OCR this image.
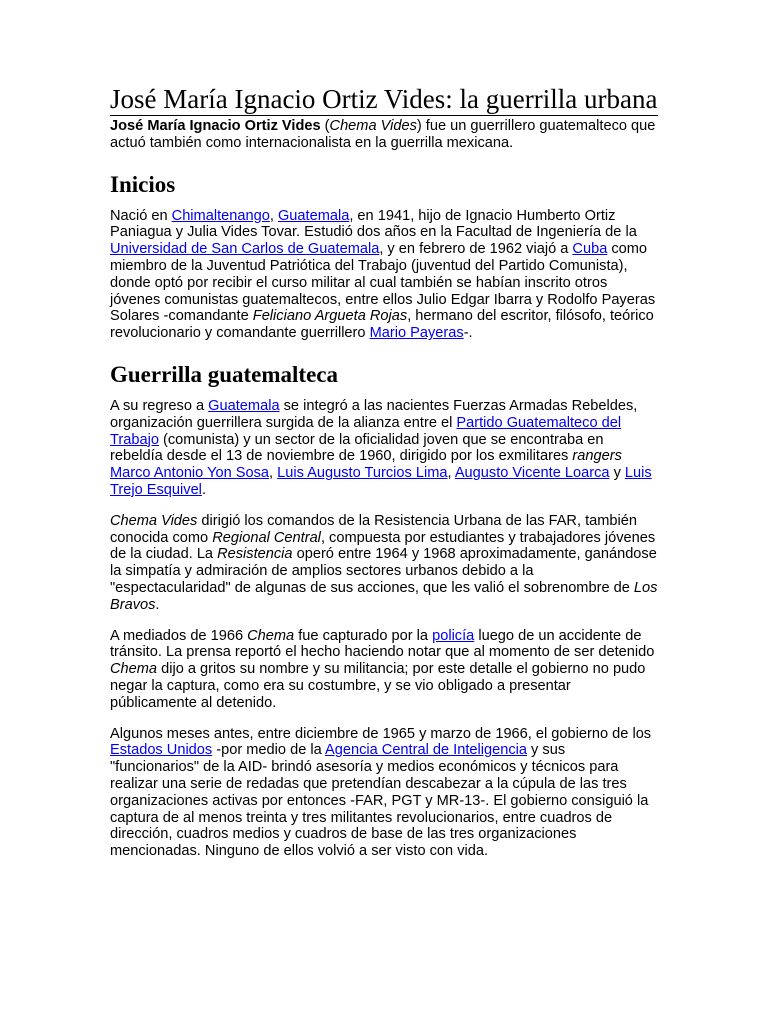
José María Ignacio Ortiz Vides: la guerrilla urbana

José María Ignacio Ortiz Vides (Chema Vides) fue un guerrillero guatemalteco que actuó también como internacionalista en la guerrilla mexicana.

Inicios

Nació en Chimaltenango, Guatemala, en 1941, hijo de Ignacio Humberto Ortiz Paniagua y Julia Vides Tovar. Estudió dos años en la Facultad de Ingeniería de la Universidad de San Carlos de Guatemala, y en febrero de 1962 viajó a Cuba como miembro de la Juventud Patriótica del Trabajo (juventud del Partido Comunista), donde optó por recibir el curso militar al cual también se habían inscrito otros jóvenes comunistas guatemaltecos, entre ellos Julio Edgar Ibarra y Rodolfo Payeras Solares -comandante Feliciano Argueta Rojas, hermano del escritor, filósofo, teórico revolucionario y comandante guerrillero Mario Payeras-.

Guerrilla guatemalteca

A su regreso a Guatemala se integró a las nacientes Fuerzas Armadas Rebeldes, organización guerrillera surgida de la alianza entre el Partido Guatemalteco del Trabajo (comunista) y un sector de la oficialidad joven que se encontraba en rebeldía desde el 13 de noviembre de 1960, dirigido por los exmilitares rangers Marco Antonio Yon Sosa, Luis Augusto Turcios Lima, Augusto Vicente Loarca y Luis Trejo Esquivel.

Chema Vides dirigió los comandos de la Resistencia Urbana de las FAR, también conocida como Regional Central, compuesta por estudiantes y trabajadores jóvenes de la ciudad. La Resistencia operó entre 1964 y 1968 aproximadamente, ganándose la simpatía y admiración de amplios sectores urbanos debido a la "espectacularidad" de algunas de sus acciones, que les valió el sobrenombre de Los Bravos.

A mediados de 1966 Chema fue capturado por la policía luego de un accidente de tránsito. La prensa reportó el hecho haciendo notar que al momento de ser detenido Chema dijo a gritos su nombre y su militancia; por este detalle el gobierno no pudo negar la captura, como era su costumbre, y se vio obligado a presentar públicamente al detenido.

Algunos meses antes, entre diciembre de 1965 y marzo de 1966, el gobierno de los Estados Unidos -por medio de la Agencia Central de Inteligencia y sus "funcionarios" de la AID- brindó asesoría y medios económicos y técnicos para realizar una serie de redadas que pretendían descabezar a la cúpula de las tres organizaciones activas por entonces -FAR, PGT y MR-13-. El gobierno consiguió la captura de al menos treinta y tres militantes revolucionarios, entre cuadros de dirección, cuadros medios y cuadros de base de las tres organizaciones mencionadas. Ninguno de ellos volvió a ser visto con vida.
